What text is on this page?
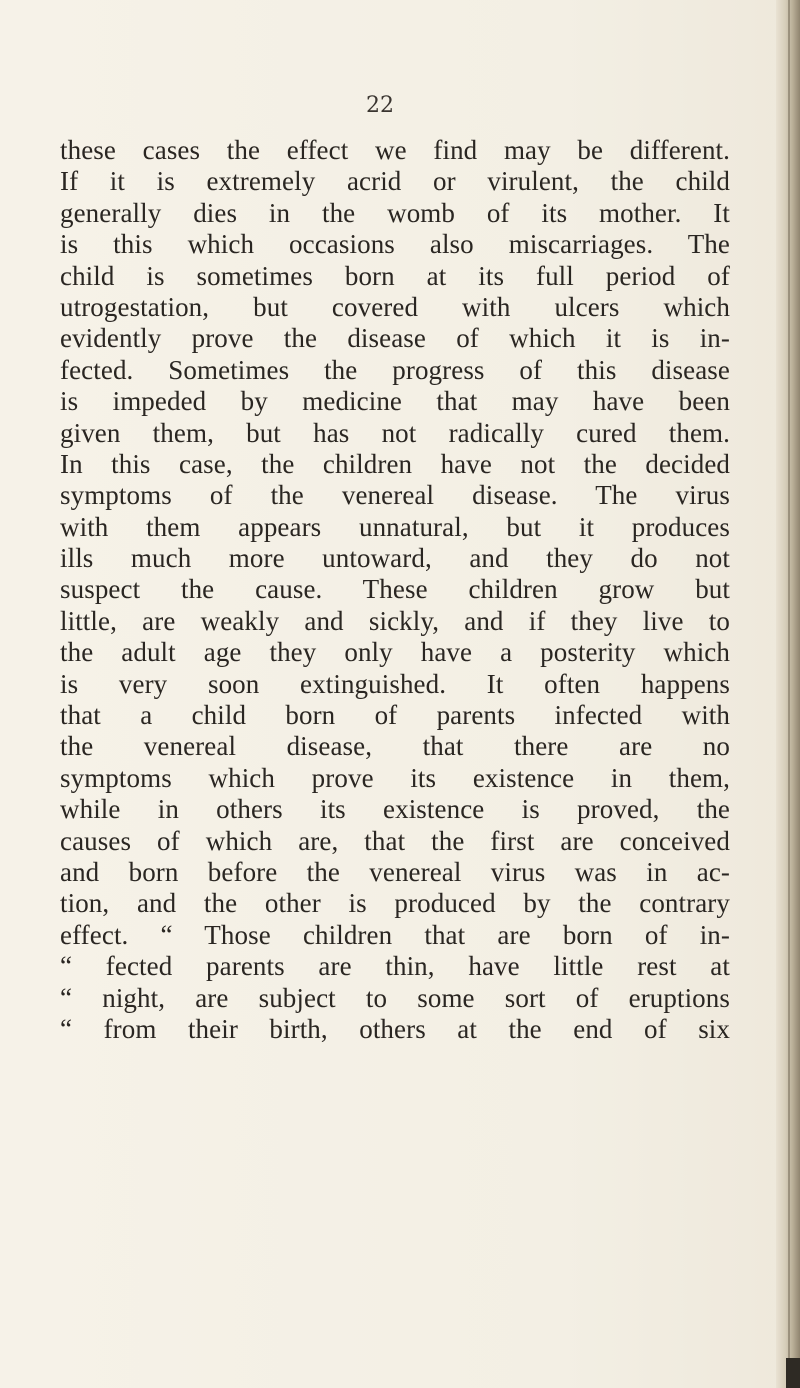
22
these cases the effect we find may be different.
If it is extremely acrid or virulent, the child
generally dies in the womb of its mother. It
is this which occasions also miscarriages. The
child is sometimes born at its full period of
utrogestation, but covered with ulcers which
evidently prove the disease of which it is in-
fected. Sometimes the progress of this disease
is impeded by medicine that may have been
given them, but has not radically cured them.
In this case, the children have not the decided
symptoms of the venereal disease. The virus
with them appears unnatural, but it produces
ills much more untoward, and they do not
suspect the cause. These children grow but
little, are weakly and sickly, and if they live to
the adult age they only have a posterity which
is very soon extinguished. It often happens
that a child born of parents infected with
the venereal disease, that there are no
symptoms which prove its existence in them,
while in others its existence is proved, the
causes of which are, that the first are conceived
and born before the venereal virus was in ac-
tion, and the other is produced by the contrary
effect. “ Those children that are born of in-
“ fected parents are thin, have little rest at
“ night, are subject to some sort of eruptions
“ from their birth, others at the end of six
